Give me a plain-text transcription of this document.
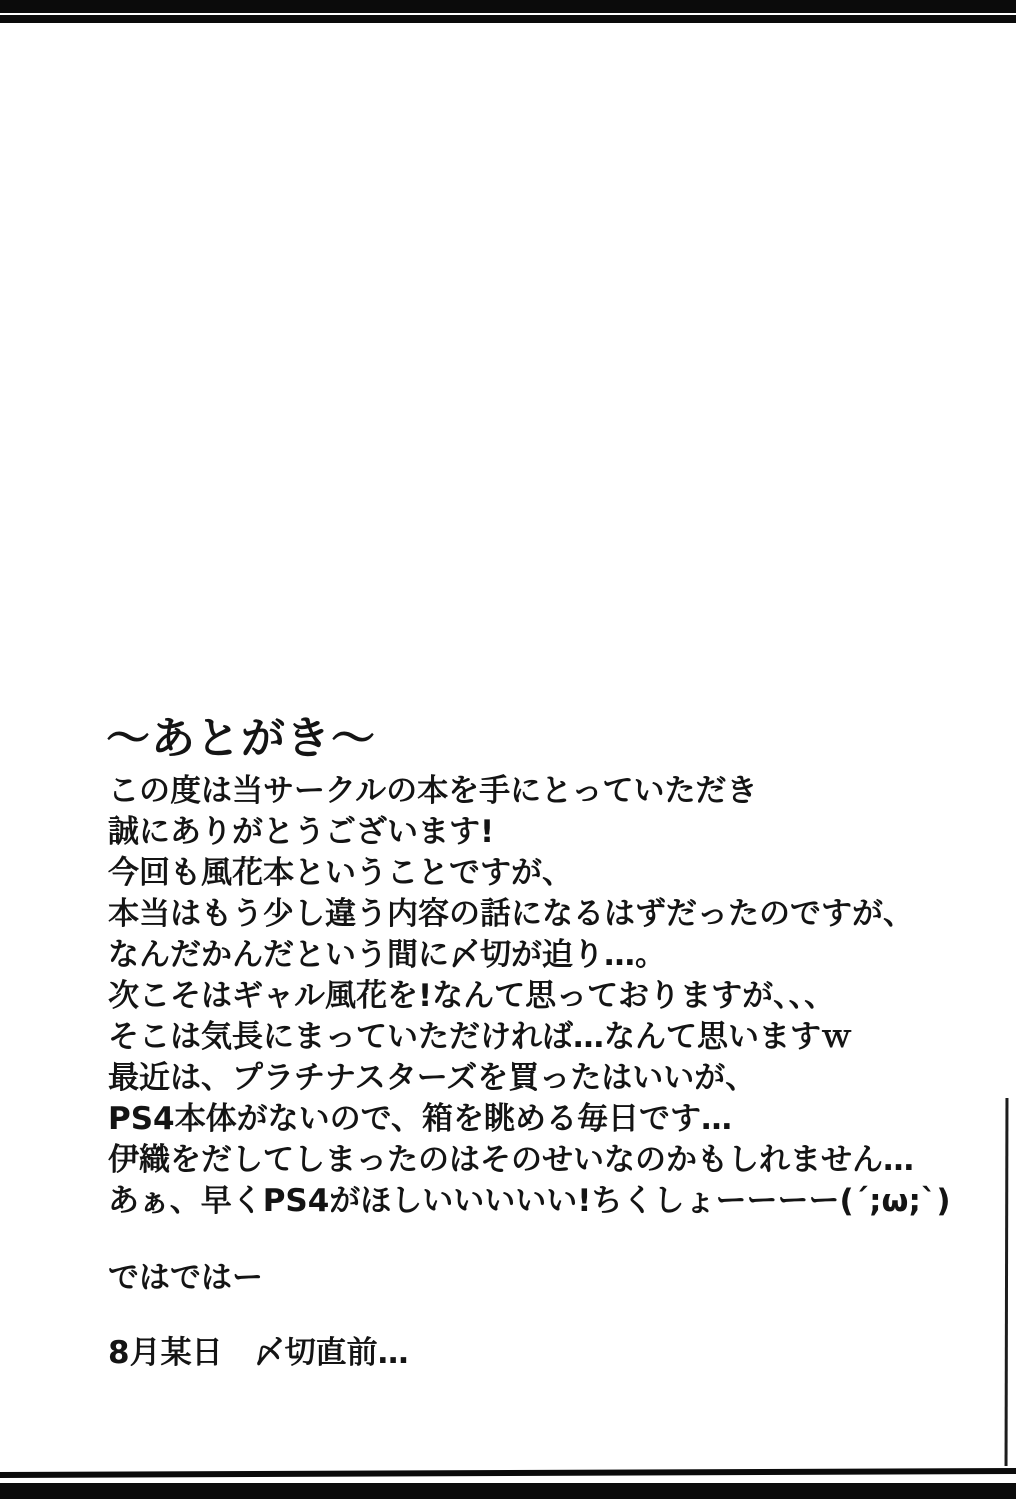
〜あとがき〜
この度は当サークルの本を手にとっていただき
誠にありがとうございます!
今回も風花本ということですが、
本当はもう少し違う内容の話になるはずだったのですが、
なんだかんだという間に〆切が迫り…。
次こそはギャル風花を!なんて思っておりますが、、、
そこは気長にまっていただければ…なんて思いますｗ
最近は、プラチナスターズを買ったはいいが、
PS4本体がないので、箱を眺める毎日です…
伊織をだしてしまったのはそのせいなのかもしれません…
あぁ、早くPS4がほしいいいいい!ちくしょーーーー(´;ω;`)
ではではー
8月某日　〆切直前…
